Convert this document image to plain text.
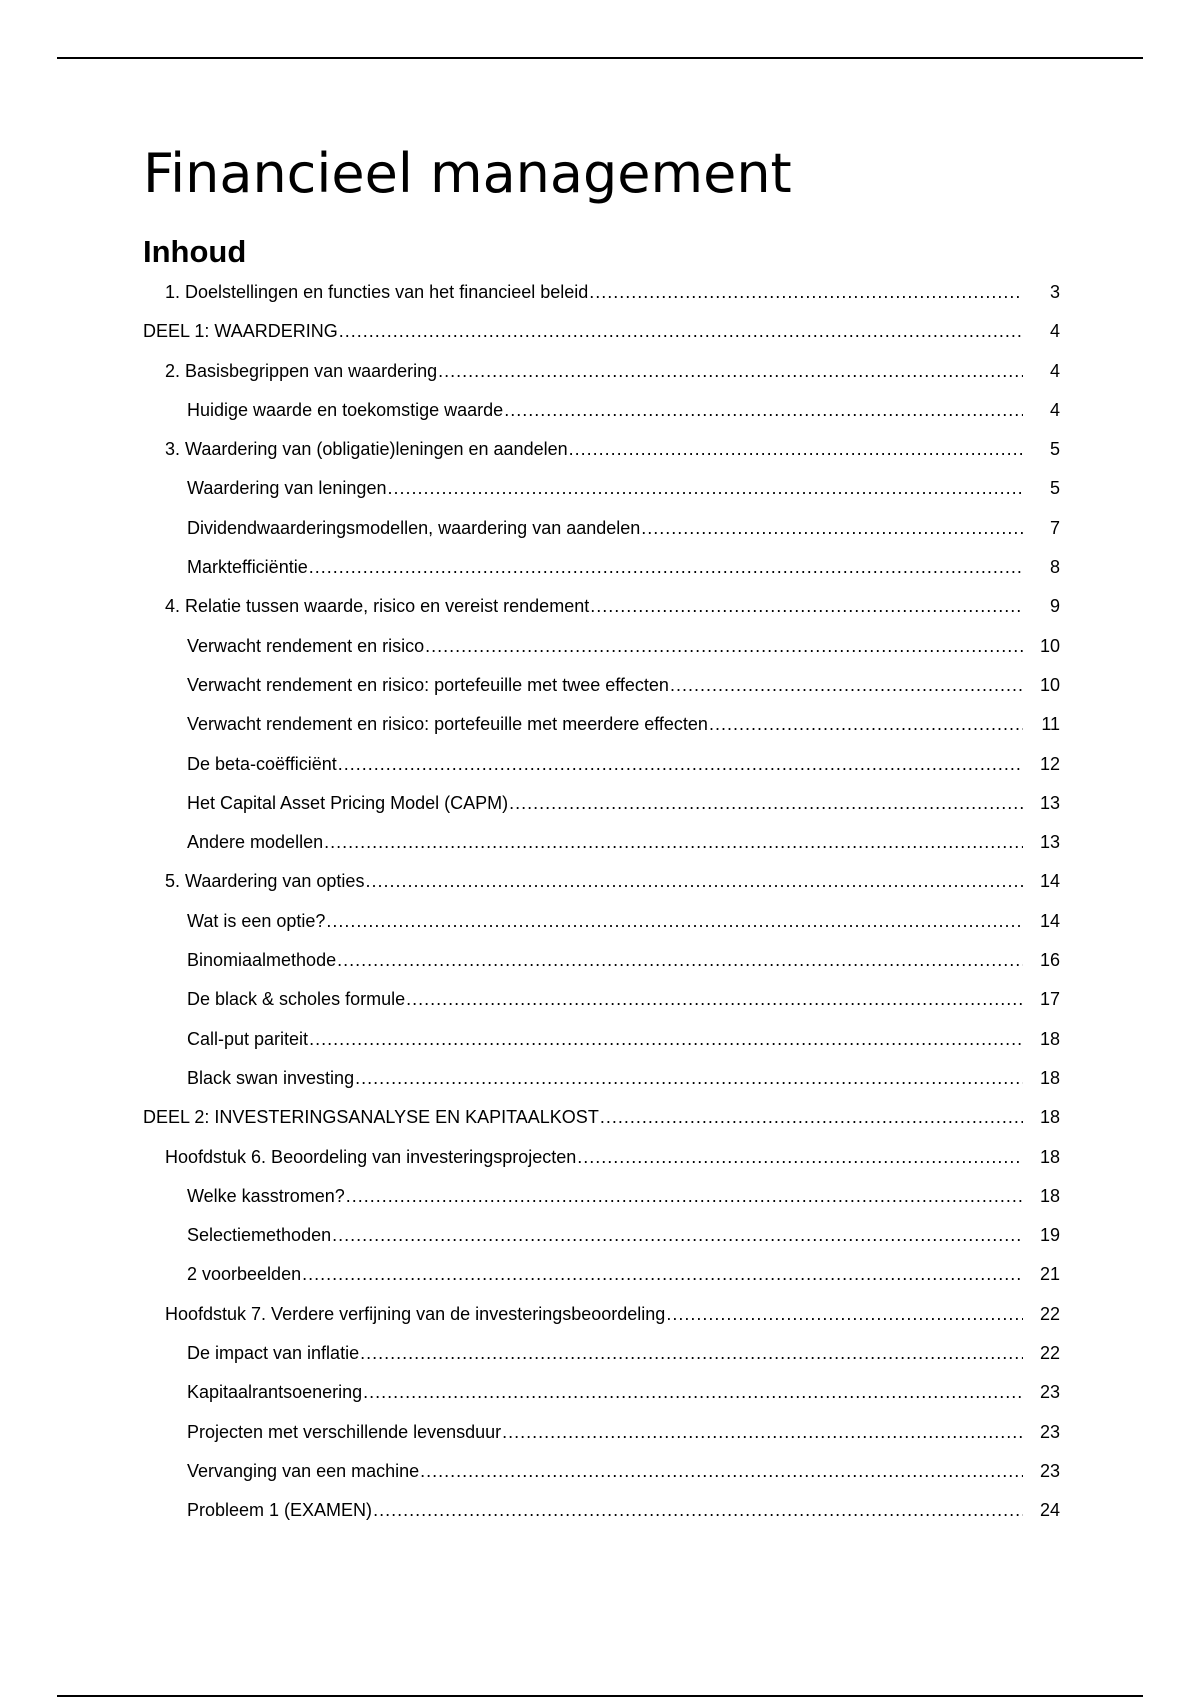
Financieel management
Inhoud
1. Doelstellingen en functies van het financieel beleid .....	3
DEEL 1: WAARDERING .....	4
2. Basisbegrippen van waardering .....	4
Huidige waarde en toekomstige waarde .....	4
3. Waardering van (obligatie)leningen en aandelen .....	5
Waardering van leningen .....	5
Dividendwaarderingsmodellen, waardering van aandelen .....	7
Marktefficiëntie .....	8
4. Relatie tussen waarde, risico en vereist rendement .....	9
Verwacht rendement en risico .....	10
Verwacht rendement en risico: portefeuille met twee effecten .....	10
Verwacht rendement en risico: portefeuille met meerdere effecten .....	11
De beta-coëfficiënt .....	12
Het Capital Asset Pricing Model (CAPM) .....	13
Andere modellen .....	13
5. Waardering van opties .....	14
Wat is een optie? .....	14
Binomiaalmethode .....	16
De black & scholes formule .....	17
Call-put pariteit .....	18
Black swan investing .....	18
DEEL 2: INVESTERINGSANALYSE EN KAPITAALKOST .....	18
Hoofdstuk 6. Beoordeling van investeringsprojecten .....	18
Welke kasstromen? .....	18
Selectiemethoden .....	19
2 voorbeelden .....	21
Hoofdstuk 7. Verdere verfijning van de investeringsbeoordeling .....	22
De impact van inflatie .....	22
Kapitaalrantsoenering .....	23
Projecten met verschillende levensduur .....	23
Vervanging van een machine .....	23
Probleem 1 (EXAMEN) .....	24
